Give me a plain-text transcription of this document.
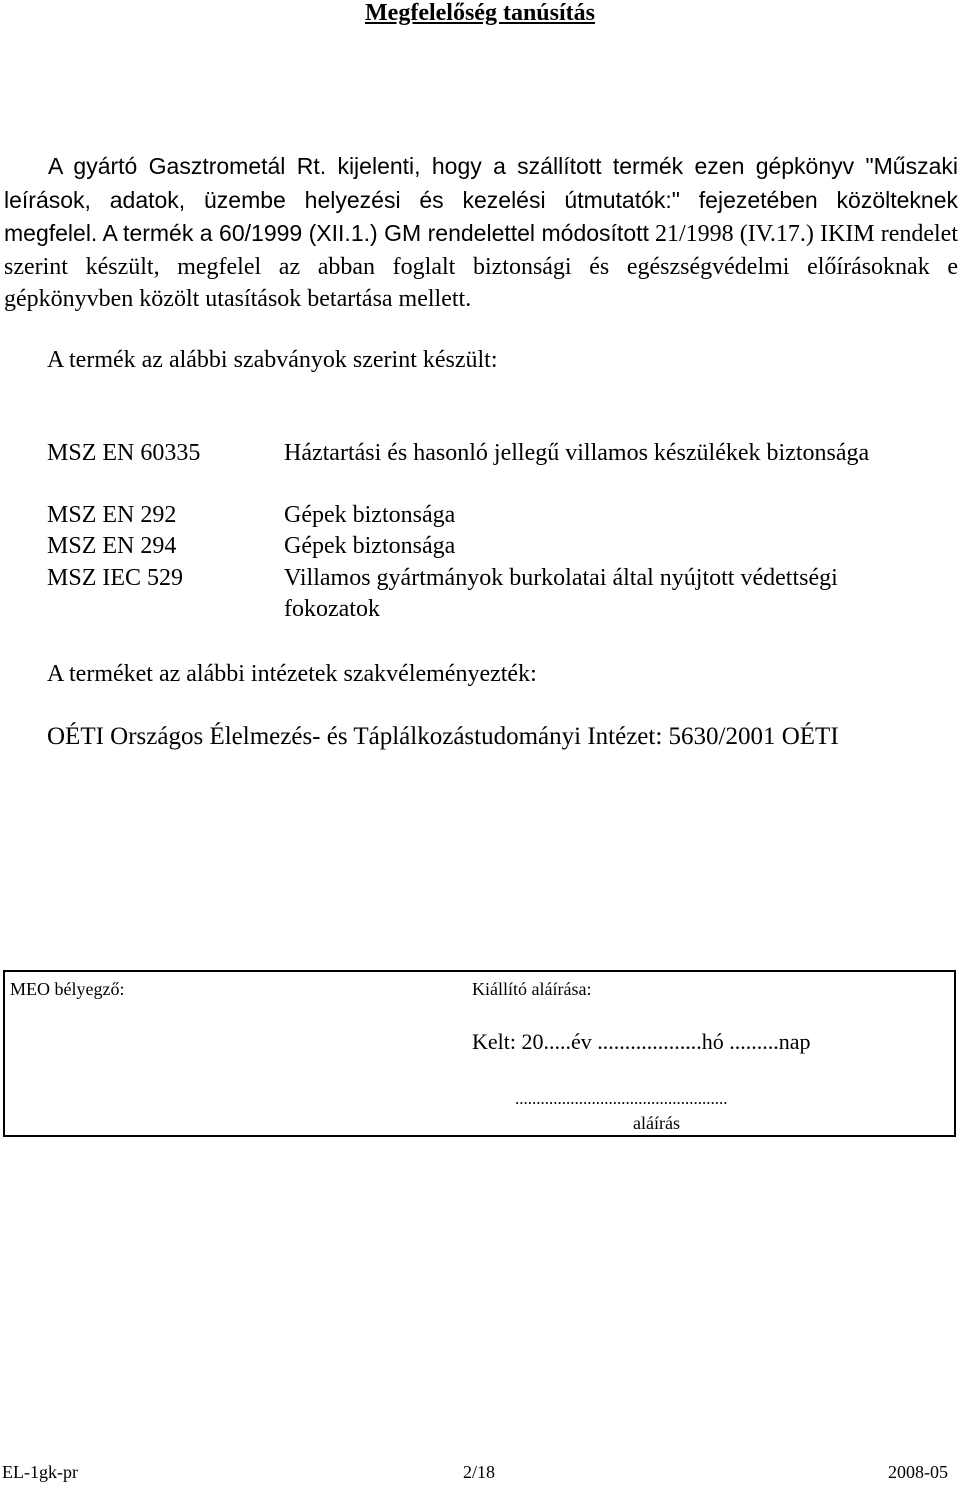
Megfelelőség tanúsítás

A gyártó Gasztrometál Rt. kijelenti, hogy a szállított termék ezen gépkönyv "Műszaki leírások, adatok, üzembe helyezési és kezelési útmutatók:" fejezetében közölteknek megfelel. A termék a 60/1999 (XII.1.) GM rendelettel módosított 21/1998 (IV.17.) IKIM rendelet szerint készült, megfelel az abban foglalt biztonsági és egészségvédelmi előírásoknak e gépkönyvben közölt utasítások betartása mellett.

A termék az alábbi szabványok szerint készült:

MSZ EN 60335	Háztartási és hasonló jellegű villamos készülékek biztonsága

MSZ EN 292	Gépek biztonsága

MSZ EN 294	Gépek biztonsága

MSZ IEC 529	Villamos gyártmányok burkolatai által nyújtott védettségi fokozatok

A terméket az alábbi intézetek szakvéleményezték:

OÉTI Országos Élelmezés- és Táplálkozástudományi Intézet: 5630/2001 OÉTI

MEO bélyegző:	Kiállító aláírása:
Kelt: 20.....év ...................hó .........nap
..................................................
aláírás
EL-1gk-pr	2/18	2008-05
